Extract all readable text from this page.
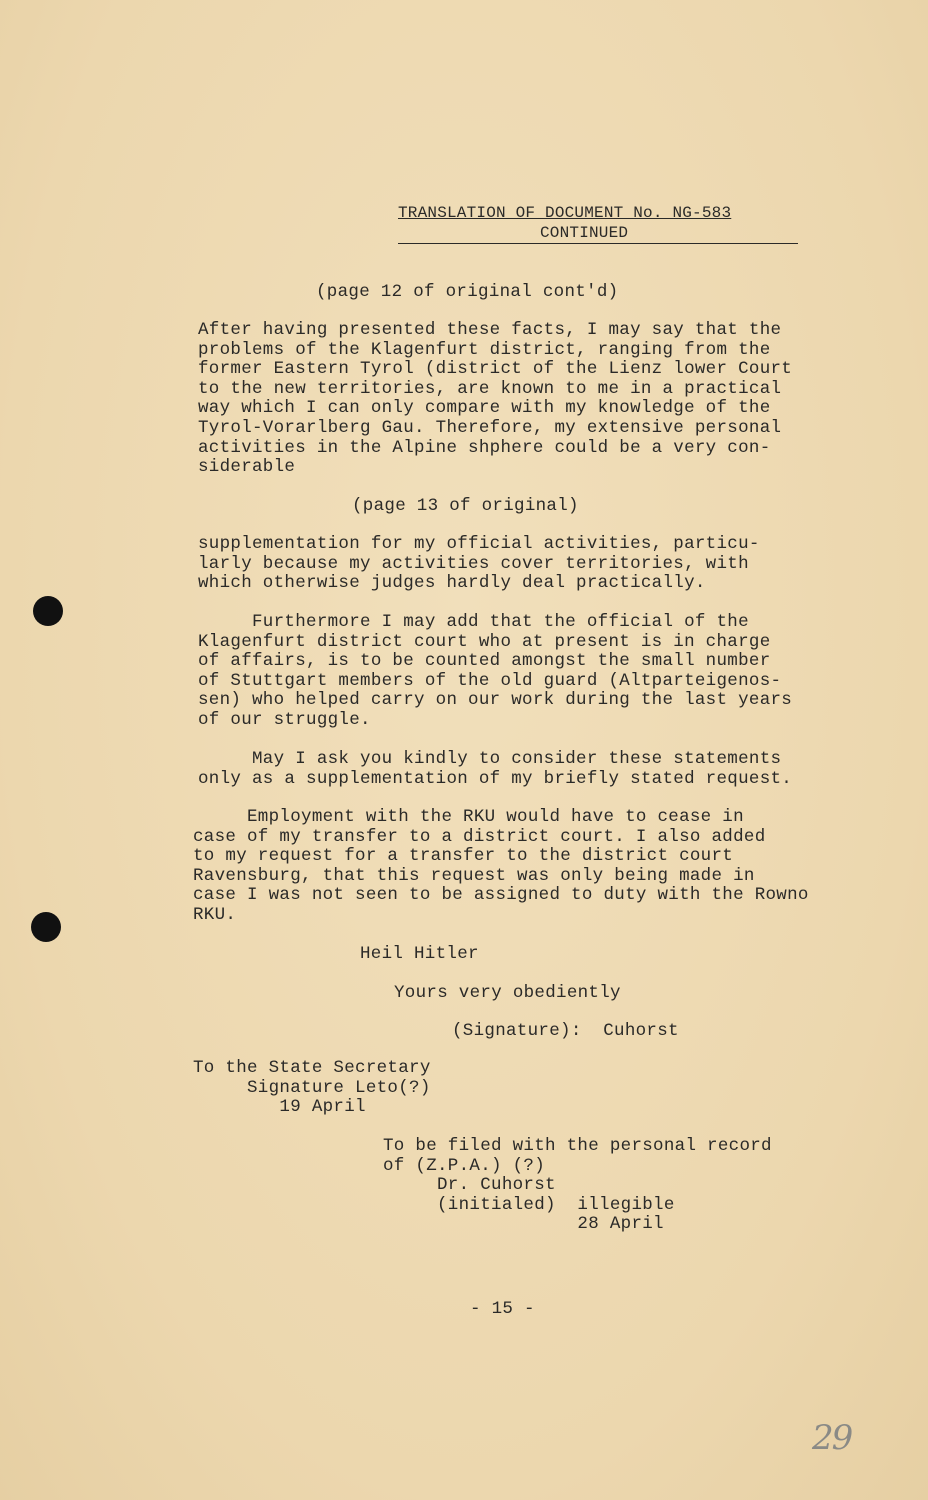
TRANSLATION OF DOCUMENT No. NG-583
CONTINUED
(page 12 of original cont'd)
After having presented these facts, I may say that the
problems of the Klagenfurt district, ranging from the
former Eastern Tyrol (district of the Lienz lower Court
to the new territories, are known to me in a practical
way which I can only compare with my knowledge of the
Tyrol-Vorarlberg Gau. Therefore, my extensive personal
activities in the Alpine shphere could be a very con-
siderable
(page 13 of original)
supplementation for my official activities, particu-
larly because my activities cover territories, with
which otherwise judges hardly deal practically.
Furthermore I may add that the official of the
Klagenfurt district court who at present is in charge
of affairs, is to be counted amongst the small number
of Stuttgart members of the old guard (Altparteigenos-
sen) who helped carry on our work during the last years
of our struggle.
May I ask you kindly to consider these statements
only as a supplementation of my briefly stated request.
Employment with the RKU would have to cease in
case of my transfer to a district court. I also added
to my request for a transfer to the district court
Ravensburg, that this request was only being made in
case I was not seen to be assigned to duty with the Rowno
RKU.
Heil Hitler
Yours very obediently
(Signature):  Cuhorst
To the State Secretary
Signature Leto(?)
19 April
To be filed with the personal record
of (Z.P.A.) (?)
Dr. Cuhorst
(initialed)  illegible
28 April
- 15 -
29
